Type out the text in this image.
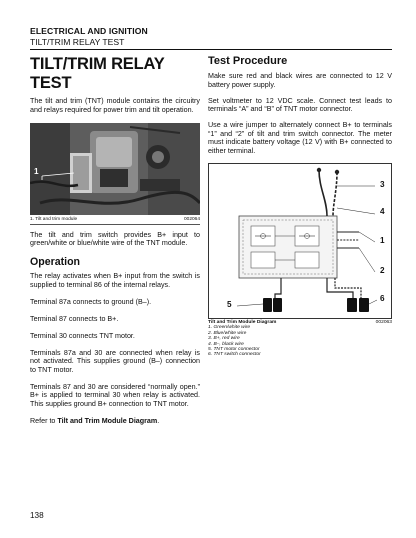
ELECTRICAL AND IGNITION
TILT/TRIM RELAY TEST
TILT/TRIM RELAY TEST

The tilt and trim (TNT) module contains the circuitry and relays required for power trim and tilt operation.

1
1. Tilt and trim module	002064

The tilt and trim switch provides B+ input to green/white or blue/white wire of the TNT module.

Operation

The relay activates when B+ input from the switch is supplied to terminal 86 of the internal relays.

Terminal 87a connects to ground (B–).

Terminal 87 connects to B+.

Terminal 30 connects TNT motor.

Terminals 87a and 30 are connected when relay is not activated. This supplies ground (B–) connection to TNT motor.

Terminals 87 and 30 are considered “normally open.” B+ is applied to terminal 30 when relay is activated. This supplies ground B+ connection to TNT motor.

Refer to Tilt and Trim Module Diagram.

Test Procedure

Make sure red and black wires are connected to 12 V battery power supply.

Set voltmeter to 12 VDC scale. Connect test leads to terminals “A” and “B” of TNT motor connector.

Use a wire jumper to alternately connect B+ to terminals “1” and “2” of tilt and trim switch connector. The meter must indicate battery voltage (12 V) with B+ connected to either terminal.

3
4
1
2
6
5
Tilt and Trim Module Diagram	002063
1. Green/white wire
2. Blue/white wire
3. B+, red wire
4. B–, black wire
5. TNT motor connector
6. TNT switch connector
138
